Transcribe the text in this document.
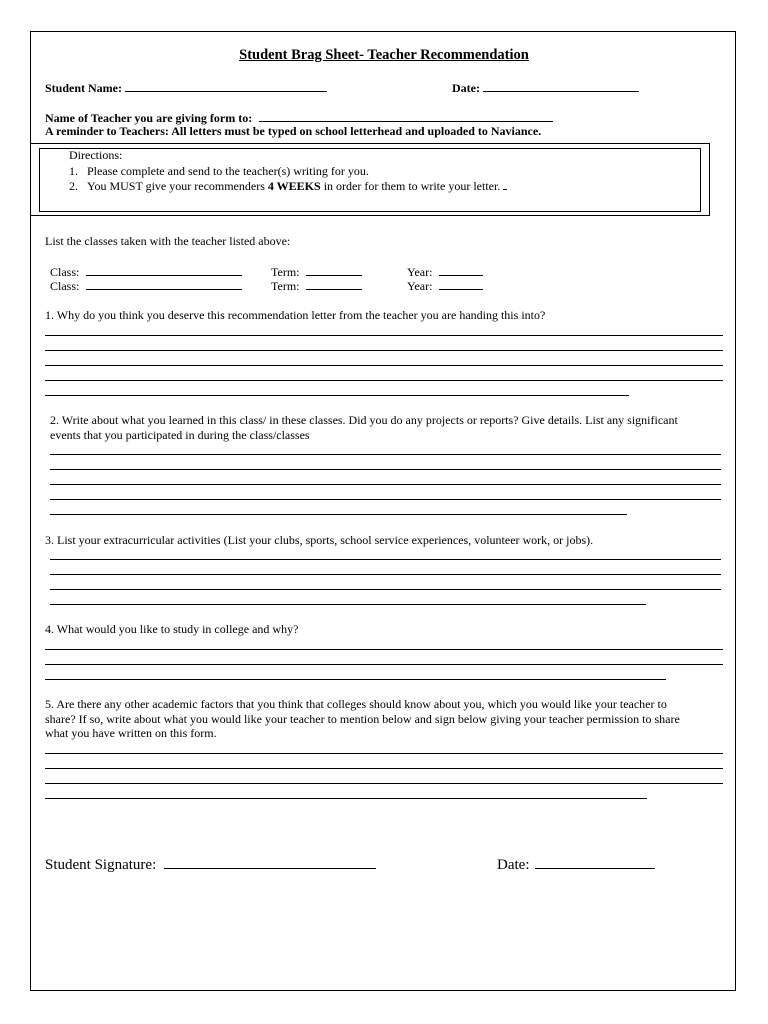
Student Brag Sheet- Teacher Recommendation
Student Name:	Date:
Name of Teacher you are giving form to:
A reminder to Teachers: All letters must be typed on school letterhead and uploaded to Naviance.
Directions:
1. Please complete and send to the teacher(s) writing for you.
2. You MUST give your recommenders 4 WEEKS in order for them to write your letter.
List the classes taken with the teacher listed above:
Class:	Term:	Year:
Class:	Term:	Year:
1. Why do you think you deserve this recommendation letter from the teacher you are handing this into?
2. Write about what you learned in this class/ in these classes. Did you do any projects or reports? Give details. List any significant
events that you participated in during the class/classes
3. List your extracurricular activities (List your clubs, sports, school service experiences, volunteer work, or jobs).
4. What would you like to study in college and why?
5. Are there any other academic factors that you think that colleges should know about you, which you would like your teacher to
share? If so, write about what you would like your teacher to mention below and sign below giving your teacher permission to share
what you have written on this form.
Student Signature:	Date:
